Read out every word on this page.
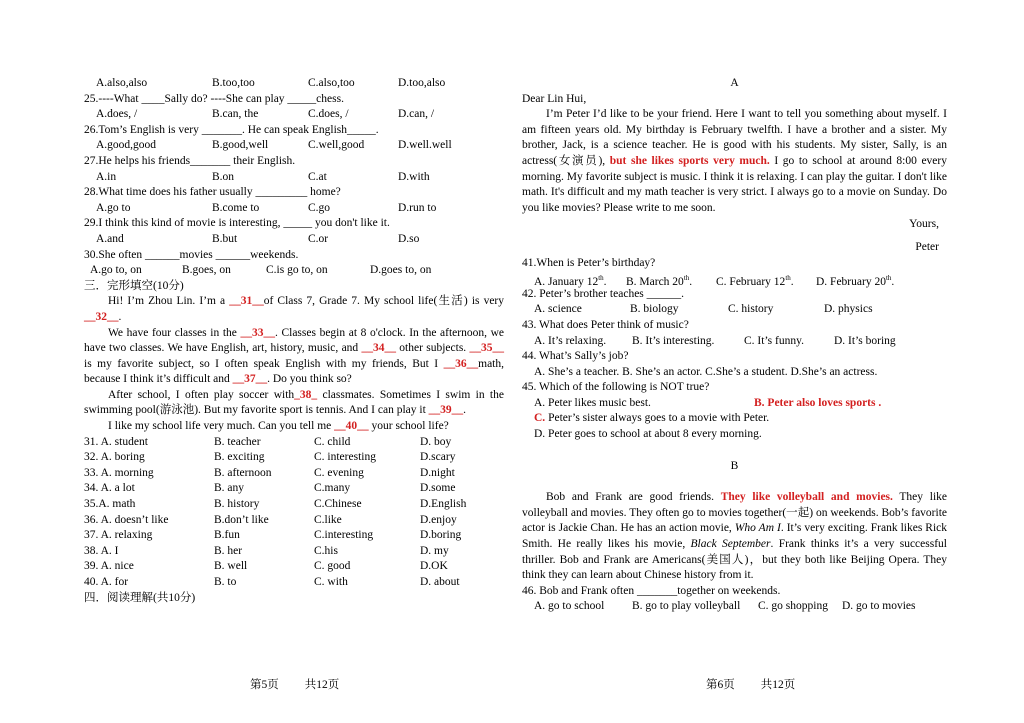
A.also,also	B.too,too	C.also,too	D.too,also
25.----What ____Sally do? ----She can play _____chess.
A.does, /	B.can, the	C.does, /	D.can, /
26.Tom’s English is very _______. He can speak English_____.
A.good,good	B.good,well	C.well,good	D.well.well
27.He helps his friends_______ their English.
A.in	B.on	C.at	D.with
28.What time does his father usually _________ home?
A.go to	B.come to	C.go	D.run to
29.I think this kind of movie is interesting, _____ you don't like it.
A.and	B.but	C.or	D.so
30.She often ______movies ______weekends.
A.go to, on	B.goes, on	C.is go to, on	D.goes to, on
三．完形填空(10分)
Hi! I’m Zhou Lin. I’m a __31__of Class 7, Grade 7. My school life(生活) is very __32__.
We have four classes in the __33__. Classes begin at 8 o'clock. In the afternoon, we have two classes. We have English, art, history, music, and __34__ other subjects. __35__ is my favorite subject, so I often speak English with my friends, But I __36__math, because I think it’s difficult and __37__. Do you think so?
After school, I often play soccer with_38_ classmates. Sometimes I swim in the swimming pool(游泳池). But my favorite sport is tennis. And I can play it __39__.
I like my school life very much. Can you tell me __40__ your school life?
31. A. student	B. teacher	C. child	D. boy
32. A. boring	B. exciting	C. interesting	D.scary
33. A. morning	B. afternoon	C. evening	D.night
34. A. a lot	B. any	C.many	D.some
35.A. math	B. history	C.Chinese	D.English
36. A. doesn’t like	B.don’t like	C.like	D.enjoy
37. A. relaxing	B.fun	C.interesting	D.boring
38. A. I	B. her	C.his	D. my
39. A. nice	B. well	C. good	D.OK
40. A. for	B. to	C. with	D. about
四．阅读理解(共10分)
第5页 共12页
A
Dear Lin Hui,
I’m Peter I’d like to be your friend. Here I want to tell you something about myself. I am fifteen years old. My birthday is February twelfth. I have a brother and a sister. My brother, Jack, is a science teacher. He is good with his students. My sister, Sally, is an actress(女演员), but she likes sports very much. I go to school at around 8:00 every morning. My favorite subject is music. I think it is relaxing. I can play the guitar. I don't like math. It's difficult and my math teacher is very strict. I always go to a movie on Sunday. Do you like movies? Please write to me soon.
Yours,
Peter
41.When is Peter’s birthday?
A. January 12th.	B. March 20th.	C. February 12th.	D. February 20th.
42. Peter’s brother teaches ______.
A. science	B. biology	C. history	D. physics
43. What does Peter think of music?
A. It’s relaxing.	B. It’s interesting.	C. It’s funny.	D. It’s boring
44. What’s Sally’s job?
A. She’s a teacher. B. She’s an actor. C.She’s a student. D.She’s an actress.
45. Which of the following is NOT true?
A. Peter likes music best.	B. Peter also loves sports .
C. Peter’s sister always goes to a movie with Peter.
D. Peter goes to school at about 8 every morning.
B
Bob and Frank are good friends. They like volleyball and movies. They like volleyball and movies. They often go to movies together(一起) on weekends. Bob’s favorite actor is Jackie Chan. He has an action movie, Who Am I. It’s very exciting. Frank likes Rick Smith. He really likes his movie, Black September. Frank thinks it’s a very successful thriller. Bob and Frank are Americans(美国人)，but they both like Beijing Opera. They think they can learn about Chinese history from it.
46. Bob and Frank often _______together on weekends.
A. go to school	B. go to play volleyball	C. go shopping	D. go to movies
第6页 共12页
